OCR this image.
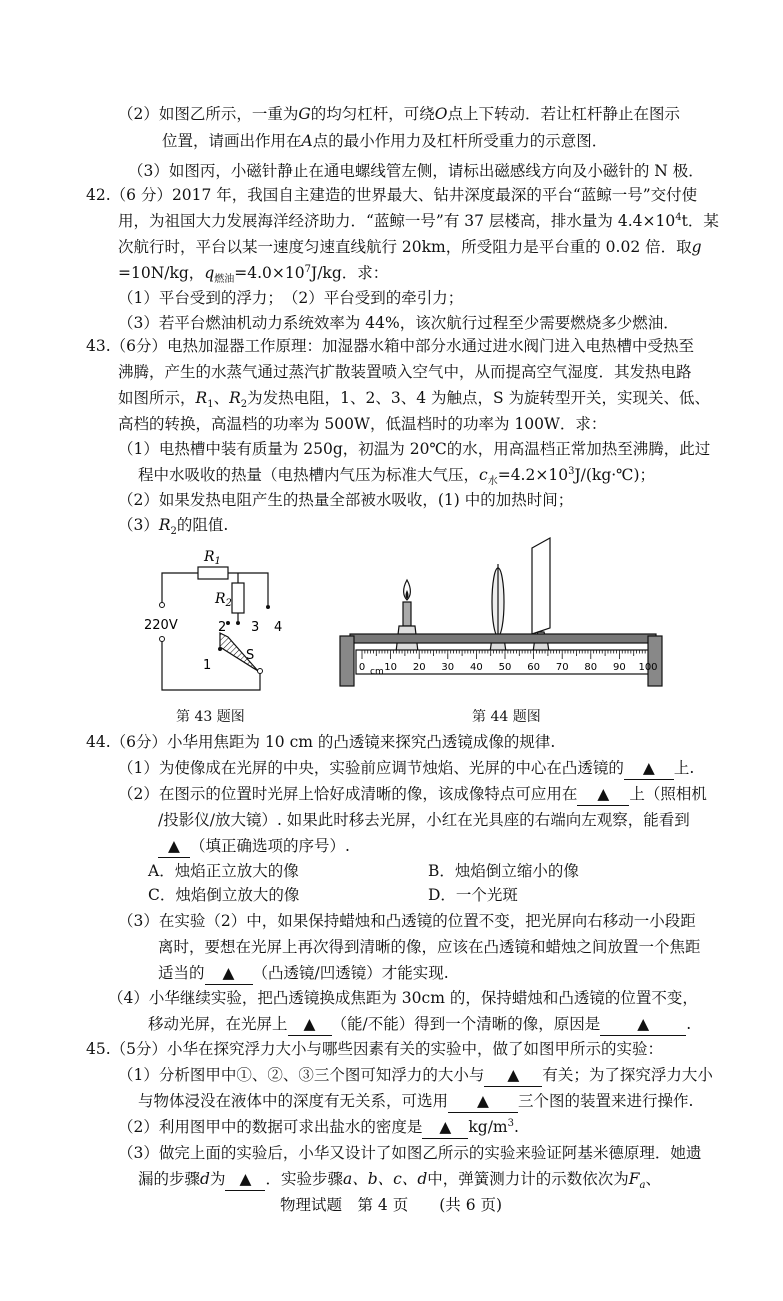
（2）如图乙所示，一重为G的均匀杠杆，可绕O点上下转动．若让杠杆静止在图示
位置，请画出作用在A点的最小作用力及杠杆所受重力的示意图．
（3）如图丙，小磁针静止在通电螺线管左侧，请标出磁感线方向及小磁针的 N 极．
42.（6 分）2017 年，我国自主建造的世界最大、钻井深度最深的平台“蓝鲸一号”交付使
用，为祖国大力发展海洋经济助力．“蓝鲸一号”有 37 层楼高，排水量为 $4.4\times 10^4t$．某
次航行时，平台以某一速度匀速直线航行 20km，所受阻力是平台重的 0.02 倍．取g
=10N/kg，$q_{燃油}=4.0\times 10^7J/kg$．求：
（1）平台受到的浮力；　（2）平台受到的牵引力；
（3）若平台燃油机动力系统效率为 44%，该次航行过程至少需要燃烧多少燃油．
43.（6分）电热加湿器工作原理：加湿器水箱中部分水通过进水阀门进入电热槽中受热至
沸腾，产生的水蒸气通过蒸汽扩散装置喷入空气中，从而提高空气湿度．其发热电路
如图所示，$R_1$、$R_2$为发热电阻，1、2、3、4 为触点，S 为旋转型开关，实现关、低、
高档的转换，高温档的功率为 500W，低温档时的功率为 100W．求：
（1）电热槽中装有质量为 250g，初温为 20℃的水，用高温档正常加热至沸腾，此过
程中水吸收的热量（电热槽内气压为标准大气压，$c_水=4.2\times 10^3J/(kg\cdot℃)$；
（2）如果发热电阻产生的热量全部被水吸收，(1) 中的加热时间；
$(3)R_2$的阻值.
$R_1$
$R_2$
220V	2 3 4
1
S
第 43 题图
0 10 20 30 40 50 60 70 80 90 100
cm
第 44 题图
44.（6分）小华用焦距为 10 cm 的凸透镜来探究凸透镜成像的规律.
（1）为使像成在光屏的中央，实验前应调节烛焰、光屏的中心在凸透镜的 ▲ 上.
（2）在图示的位置时光屏上恰好成清晰的像，该成像特点可应用在 ▲ 上（照相机
/投影仪/放大镜）. 如果此时移去光屏，小红在光具座的右端向左观察，能看到
▲ （填正确选项的序号）.
A．烛焰正立放大的像	B．烛焰倒立缩小的像
C．烛焰倒立放大的像	D．一个光斑
（3）在实验（2）中，如果保持蜡烛和凸透镜的位置不变，把光屏向右移动一小段距
离时，要想在光屏上再次得到清晰的像，应该在凸透镜和蜡烛之间放置一个焦距
适当的 ▲ （凸透镜/凹透镜）才能实现.
（4）小华继续实验，把凸透镜换成焦距为 30cm 的，保持蜡烛和凸透镜的位置不变，
移动光屏，在光屏上 ▲ （能/不能）得到一个清晰的像，原因是 ▲ .
45.（5分）小华在探究浮力大小与哪些因素有关的实验中，做了如图甲所示的实验：
（1）分析图甲中①、②、③三个图可知浮力的大小与 ▲ 有关；为了探究浮力大小
与物体浸没在液体中的深度有无关系，可选用 ▲ 三个图的装置来进行操作.
（2）利用图甲中的数据可求出盐水的密度是 ▲ $kg/m^3$.
（3）做完上面的实验后，小华又设计了如图乙所示的实验来验证阿基米德原理．她遗
漏的步骤d为 ▲ ．实验步骤a、b、c、d中，弹簧测力计的示数依次为$F_a$、
物理试题　第 4 页　　(共 6 页)
